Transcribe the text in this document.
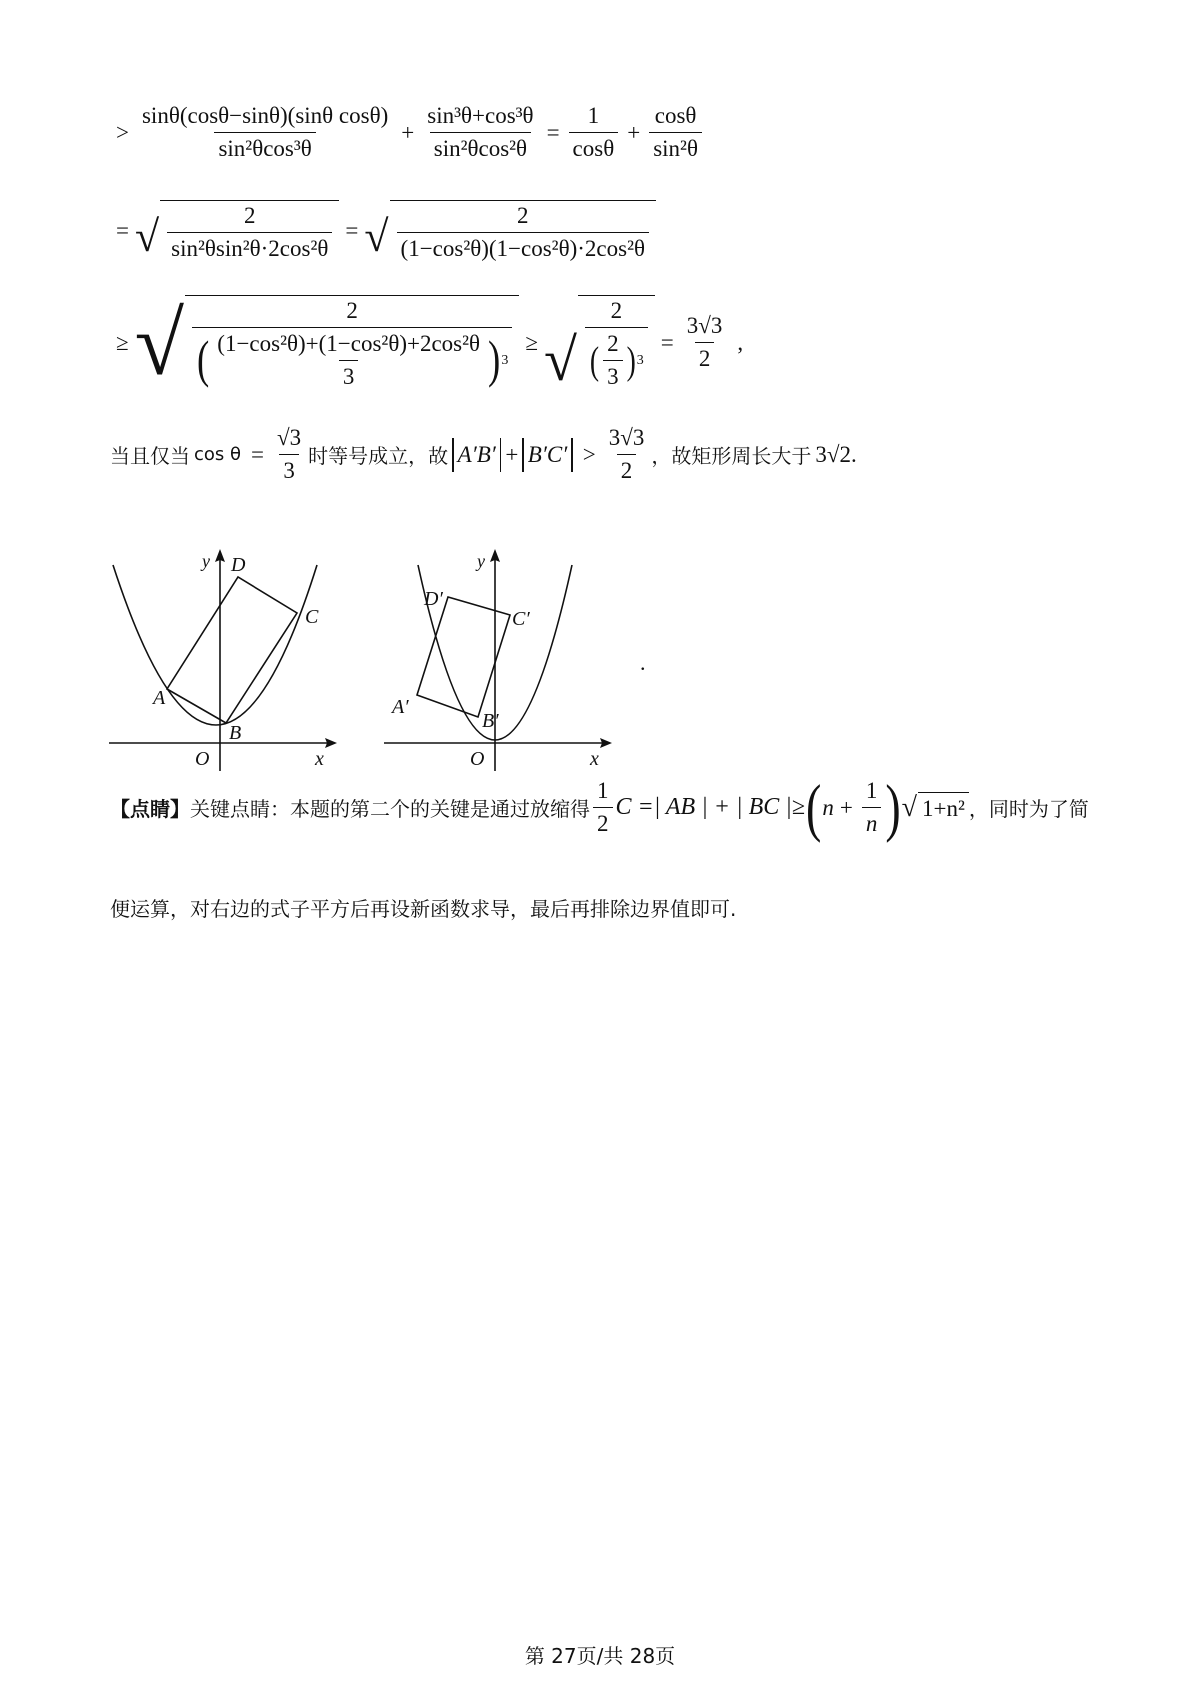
> $\frac{\text{sinθ(cosθ−sinθ)(sinθ cosθ)}}{\text{sin²θcos³θ}} + \frac{\text{sin³θ+cos³θ}}{\text{sin²θcos²θ}} = \frac{1}{\cos\theta} + \frac{\cos\theta}{\text{sin²θ}}$
= √ $\frac{2}{\text{sin²θsin²θ·2cos²θ}}$ = √ $\frac{2}{\text{(1−cos²θ)(1−cos²θ)·2cos²θ}}$
≥ √	2
( $\frac{\text{(1−cos²θ)+(1−cos²θ)+2cos²θ}}{3}$ ) 3
≥ √
2
( $\frac{2}{3}$ ) 3
= $\frac{3√3}{2}$ ,
当且仅当 $\cos \theta = \frac{√3}{3}$ 时等号成立，故 $A'B' + B'C' > \frac{3√3}{2}$ ，故矩形周长大于 3√2 .
y D
C
A
B
O	x
y
D′
C′
A′
B′
O	x
.
【点睛】 关键点睛：本题的第二个的关键是通过放缩得 $\frac{1}{2}$ C =| AB | + | BC |≥ ( $n + \frac{1}{n}$ ) √ 1+n² ，同时为了简
便运算，对右边的式子平方后再设新函数求导，最后再排除边界值即可.
第 27页/共 28页
